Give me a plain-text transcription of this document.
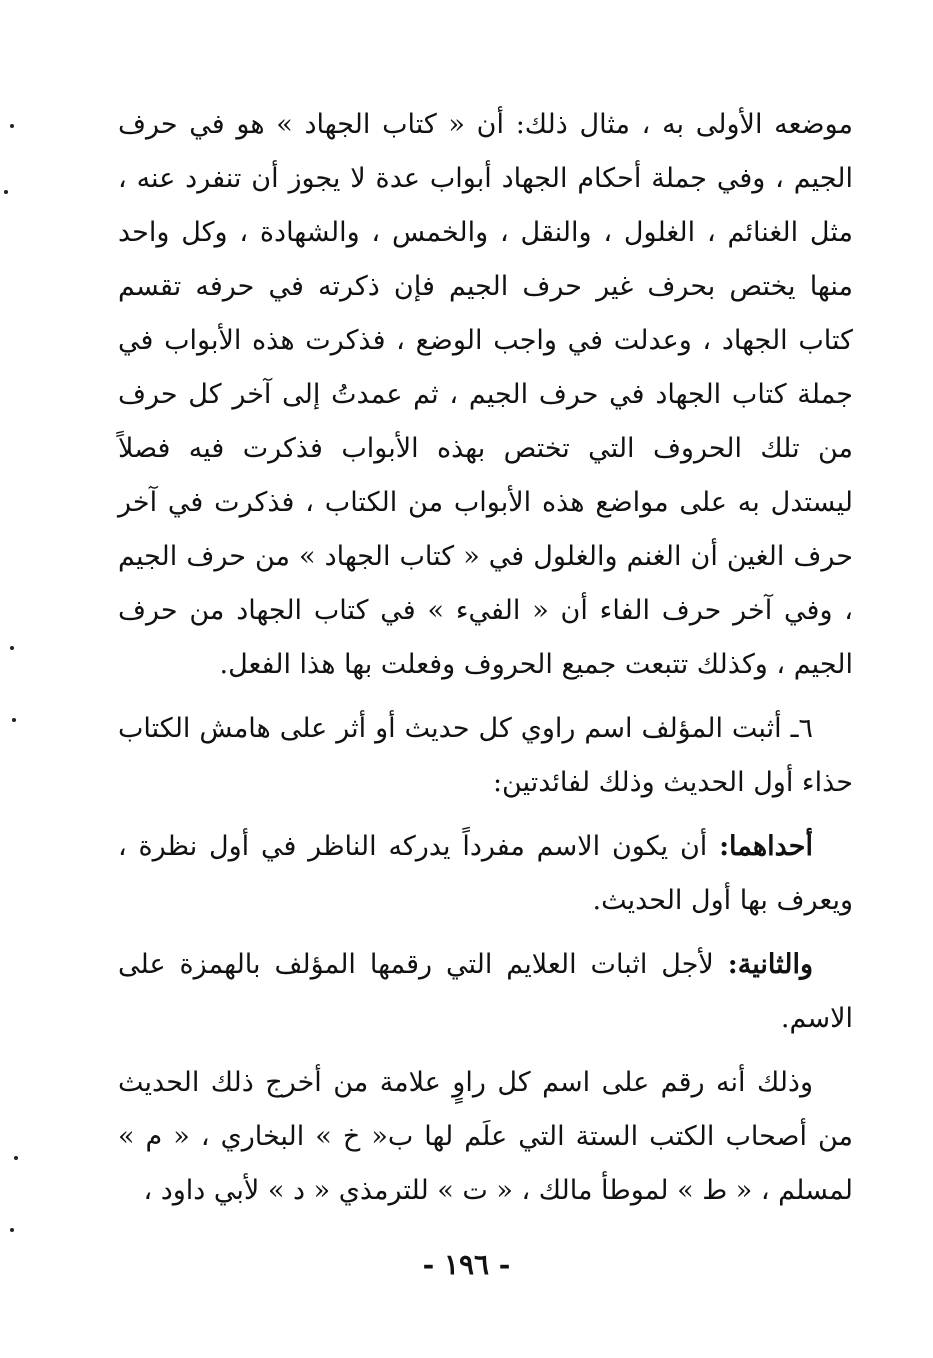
موضعه الأولى به ، مثال ذلك: أن « كتاب الجهاد » هو في حرف الجيم ، وفي جملة أحكام الجهاد أبواب عدة لا يجوز أن تنفرد عنه ، مثل الغنائم ، الغلول ، والنقل ، والخمس ، والشهادة ، وكل واحد منها يختص بحرف غير حرف الجيم فإن ذكرته في حرفه تقسم كتاب الجهاد ، وعدلت في واجب الوضع ، فذكرت هذه الأبواب في جملة كتاب الجهاد في حرف الجيم ، ثم عمدتُ إلى آخر كل حرف من تلك الحروف التي تختص بهذه الأبواب فذكرت فيه فصلاً ليستدل به على مواضع هذه الأبواب من الكتاب ، فذكرت في آخر حرف الغين أن الغنم والغلول في « كتاب الجهاد » من حرف الجيم ، وفي آخر حرف الفاء أن « الفيء » في كتاب الجهاد من حرف الجيم ، وكذلك تتبعت جميع الحروف وفعلت بها هذا الفعل.

٦ـ أثبت المؤلف اسم راوي كل حديث أو أثر على هامش الكتاب حذاء أول الحديث وذلك لفائدتين:

أحداهما: أن يكون الاسم مفرداً يدركه الناظر في أول نظرة ، ويعرف بها أول الحديث.

والثانية: لأجل اثبات العلايم التي رقمها المؤلف بالهمزة على الاسم.

وذلك أنه رقم على اسم كل راوٍ علامة من أخرج ذلك الحديث من أصحاب الكتب الستة التي علَم لها ب« خ » البخاري ، « م » لمسلم ، « ط » لموطأ مالك ، « ت » للترمذي « د » لأبي داود ،

- ١٩٦ -
